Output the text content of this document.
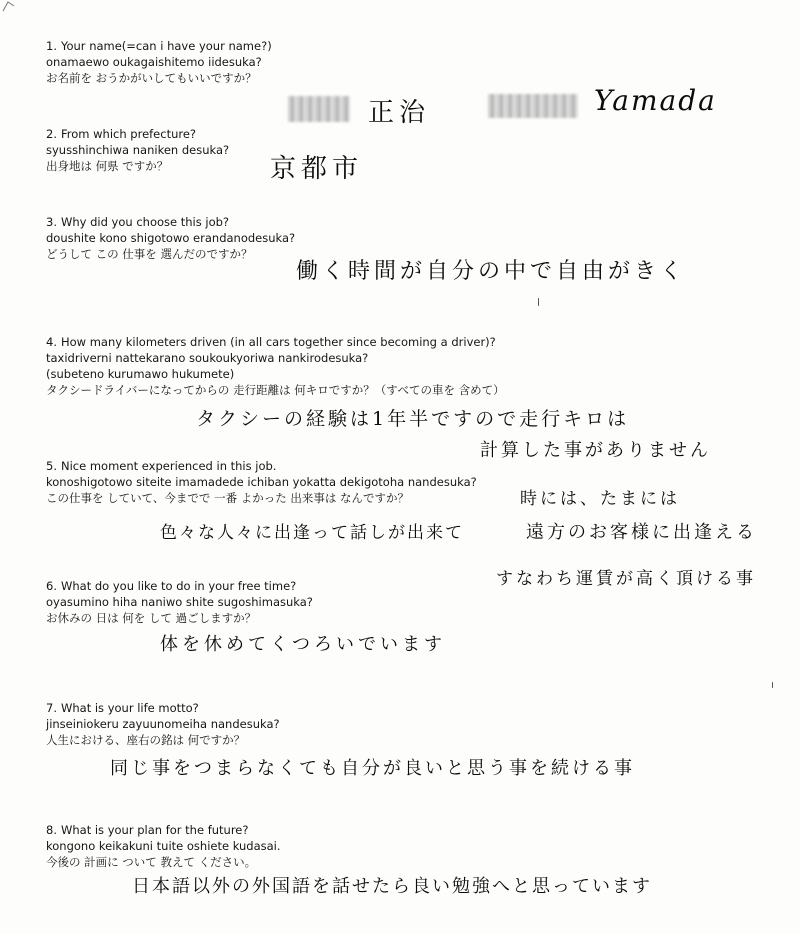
1. Your name(=can i have your name?)
onamaewo oukagaishitemo iidesuka?
お名前を おうかがいしてもいいですか？
正治	Yamada
2. From which prefecture?
syusshinchiwa naniken desuka?
出身地は 何県 ですか？	京都市
3. Why did you choose this job?
doushite kono shigotowo erandanodesuka?
どうして この 仕事を 選んだのですか？
働く時間が自分の中で自由がきく
4. How many kilometers driven (in all cars together since becoming a driver)?
taxidriverni nattekarano soukoukyoriwa nankirodesuka?
(subeteno kurumawo hukumete)
タクシードライバーになってからの 走行距離は 何キロですか？（すべての車を 含めて）
タクシーの経験は1年半ですので走行キロは
計算した事がありません
5. Nice moment experienced in this job.
konoshigotowo siteite imamadede ichiban yokatta dekigotoha nandesuka?
この仕事を していて、今までで 一番 よかった 出来事は なんですか？	時には、たまには
色々な人々に出逢って話しが出来て	遠方のお客様に出逢える
すなわち運賃が高く頂ける事
6. What do you like to do in your free time?
oyasumino hiha naniwo shite sugoshimasuka?
お休みの 日は 何を して 過ごしますか？
体を休めてくつろいでいます
7. What is your life motto?
jinseiniokeru zayuunomeiha nandesuka?
人生における、座右の銘は 何ですか？
同じ事をつまらなくても自分が良いと思う事を続ける事
8. What is your plan for the future?
kongono keikakuni tuite oshiete kudasai.
今後の 計画に ついて 教えて ください。
日本語以外の外国語を話せたら良い勉強へと思っています
